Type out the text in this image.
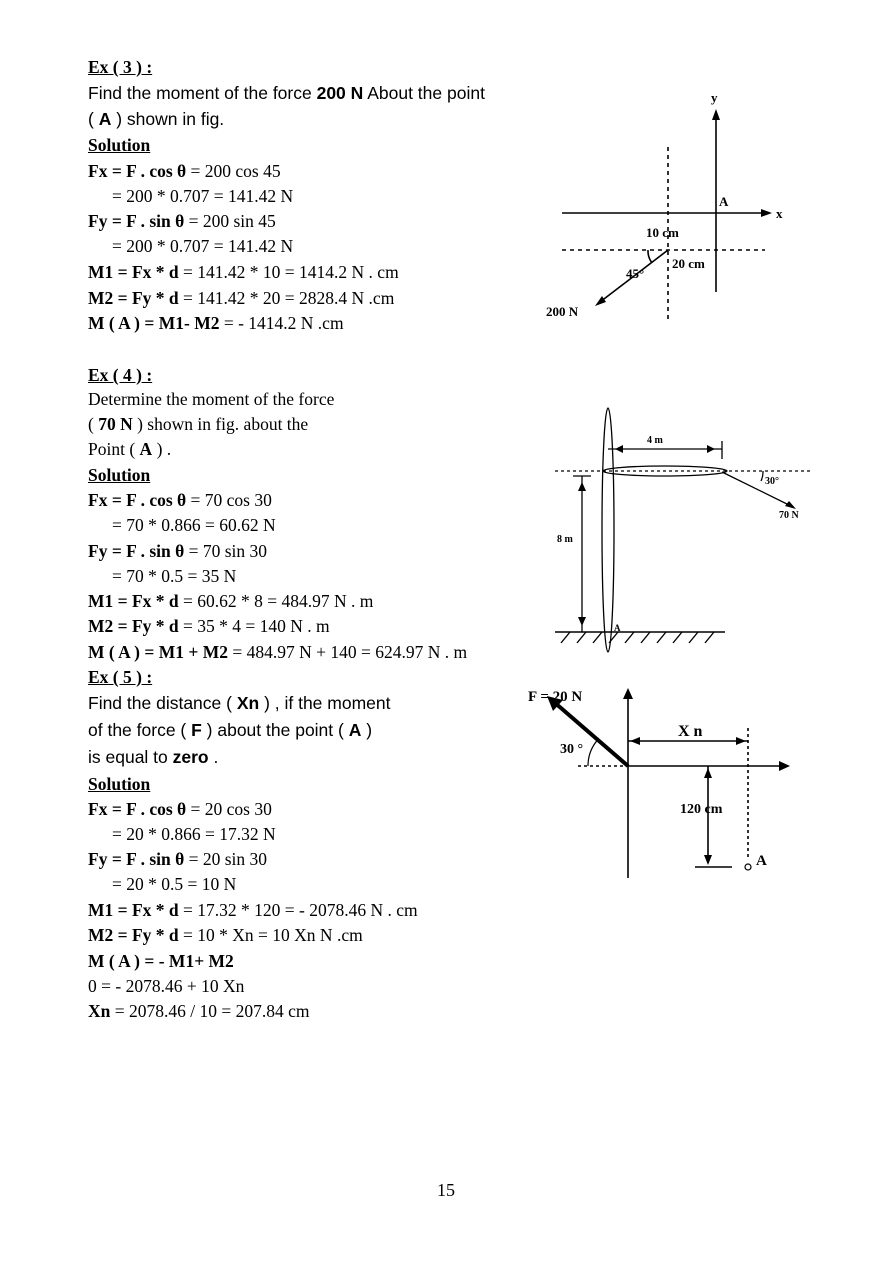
Ex ( 3 ) :
Find the moment of the force 200 N About the point
( A ) shown in fig.
Solution
Fx = F . cos θ = 200 cos 45
= 200 * 0.707 = 141.42 N
Fy = F . sin θ = 200 sin 45
= 200 * 0.707 = 141.42 N
M1 = Fx * d = 141.42 * 10 = 1414.2 N . cm
M2 = Fy * d = 141.42 * 20 = 2828.4 N .cm
M ( A ) = M1- M2 = - 1414.2 N .cm
y
x
A
10 cm
20 cm
45°
200 N
Ex ( 4 ) :
Determine the moment of the force
( 70 N ) shown in fig. about the
Point ( A ) .
Solution
Fx = F . cos θ = 70 cos 30
= 70 * 0.866 = 60.62 N
Fy = F . sin θ = 70 sin 30
= 70 * 0.5 = 35 N
M1 = Fx * d = 60.62 * 8 = 484.97 N . m
M2 = Fy * d = 35 * 4 = 140 N . m
M ( A ) = M1 + M2 = 484.97 N + 140 = 624.97 N . m
4 m
8 m
30°
70 N
A
Ex ( 5 ) :
Find the distance ( Xn ) , if the moment
of the force ( F ) about the point ( A )
is equal to zero .
Solution
Fx = F . cos θ = 20 cos 30
= 20 * 0.866 = 17.32 N
Fy = F . sin θ = 20 sin 30
= 20 * 0.5 = 10 N
M1 = Fx * d = 17.32 * 120 = - 2078.46 N . cm
M2 = Fy * d = 10 * Xn = 10 Xn N .cm
M ( A ) = - M1+ M2
0 = - 2078.46 + 10 Xn
Xn = 2078.46 / 10 = 207.84 cm
F = 20 N
30 °
X n
120 cm
A
15
